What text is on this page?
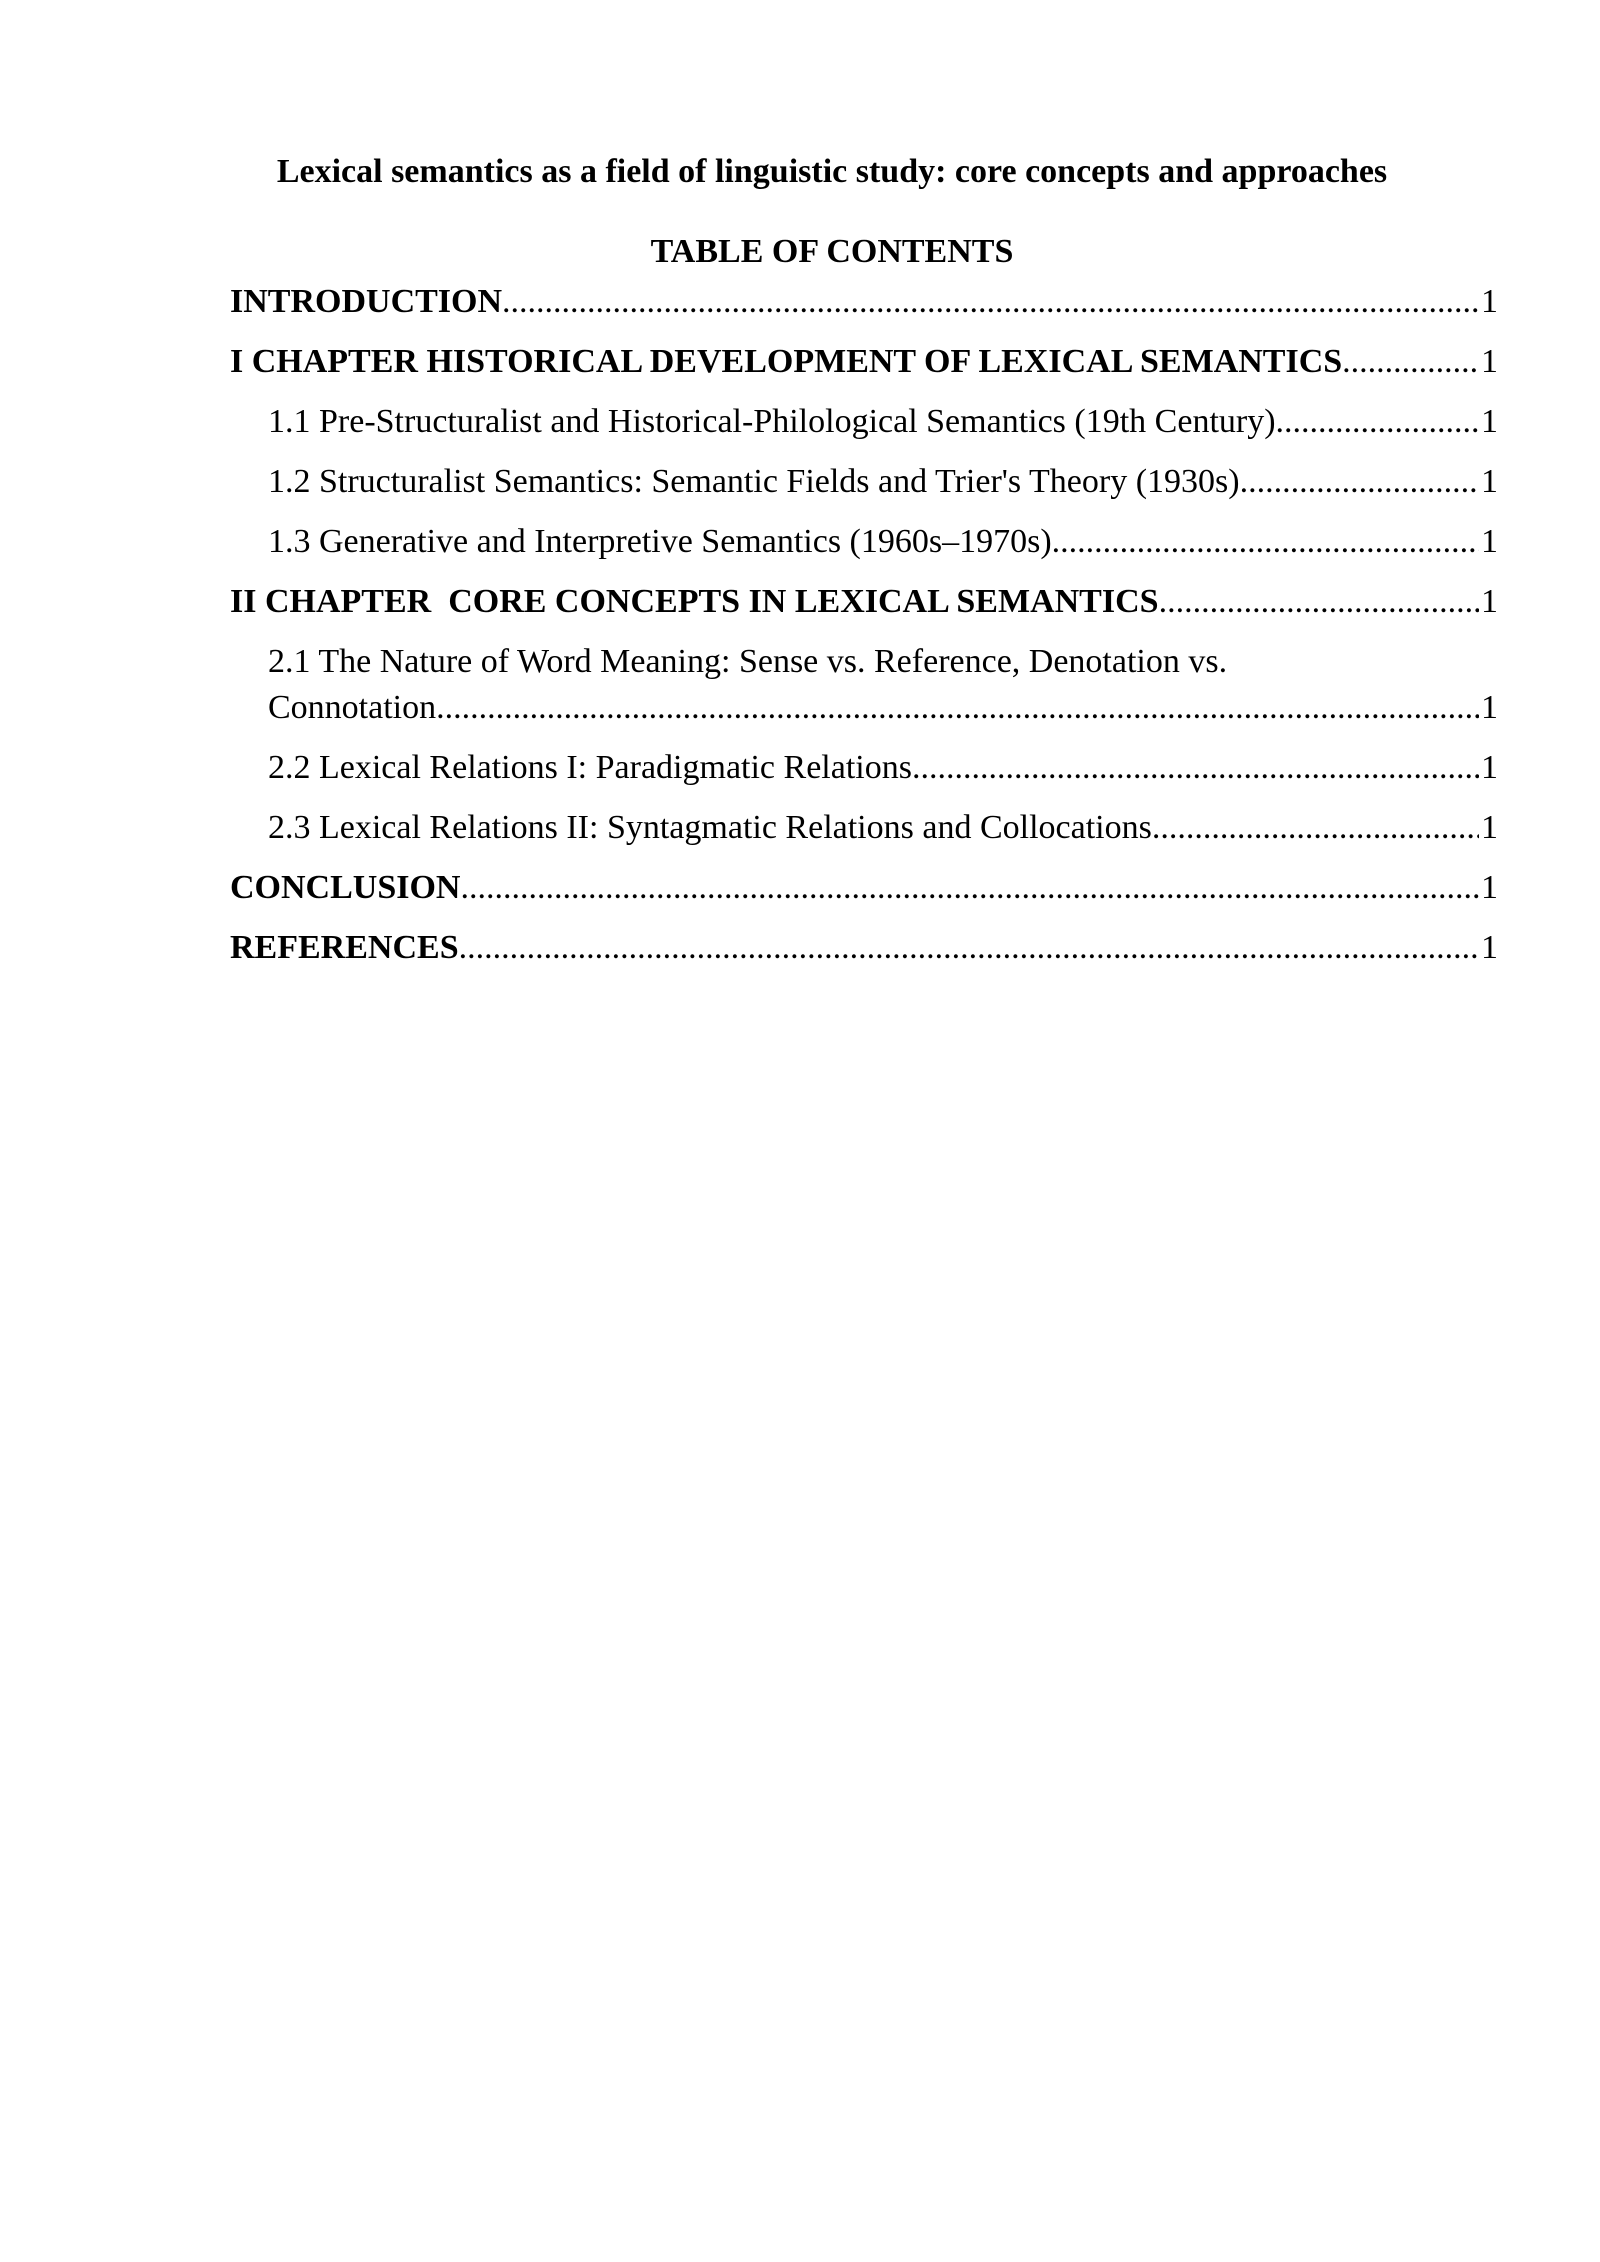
Lexical semantics as a field of linguistic study: core concepts and approaches
TABLE OF CONTENTS
INTRODUCTION .....	1
I CHAPTER HISTORICAL DEVELOPMENT OF LEXICAL SEMANTICS .....	1
1.1 Pre-Structuralist and Historical-Philological Semantics (19th Century) .....	1
1.2 Structuralist Semantics: Semantic Fields and Trier's Theory (1930s) .....	1
1.3 Generative and Interpretive Semantics (1960s–1970s) .....	1
II CHAPTER  CORE CONCEPTS IN LEXICAL SEMANTICS .....	1
2.1 The Nature of Word Meaning: Sense vs. Reference, Denotation vs.
Connotation .....	1
2.2 Lexical Relations I: Paradigmatic Relations .....	1
2.3 Lexical Relations II: Syntagmatic Relations and Collocations .....	1
CONCLUSION .....	1
REFERENCES .....	1
